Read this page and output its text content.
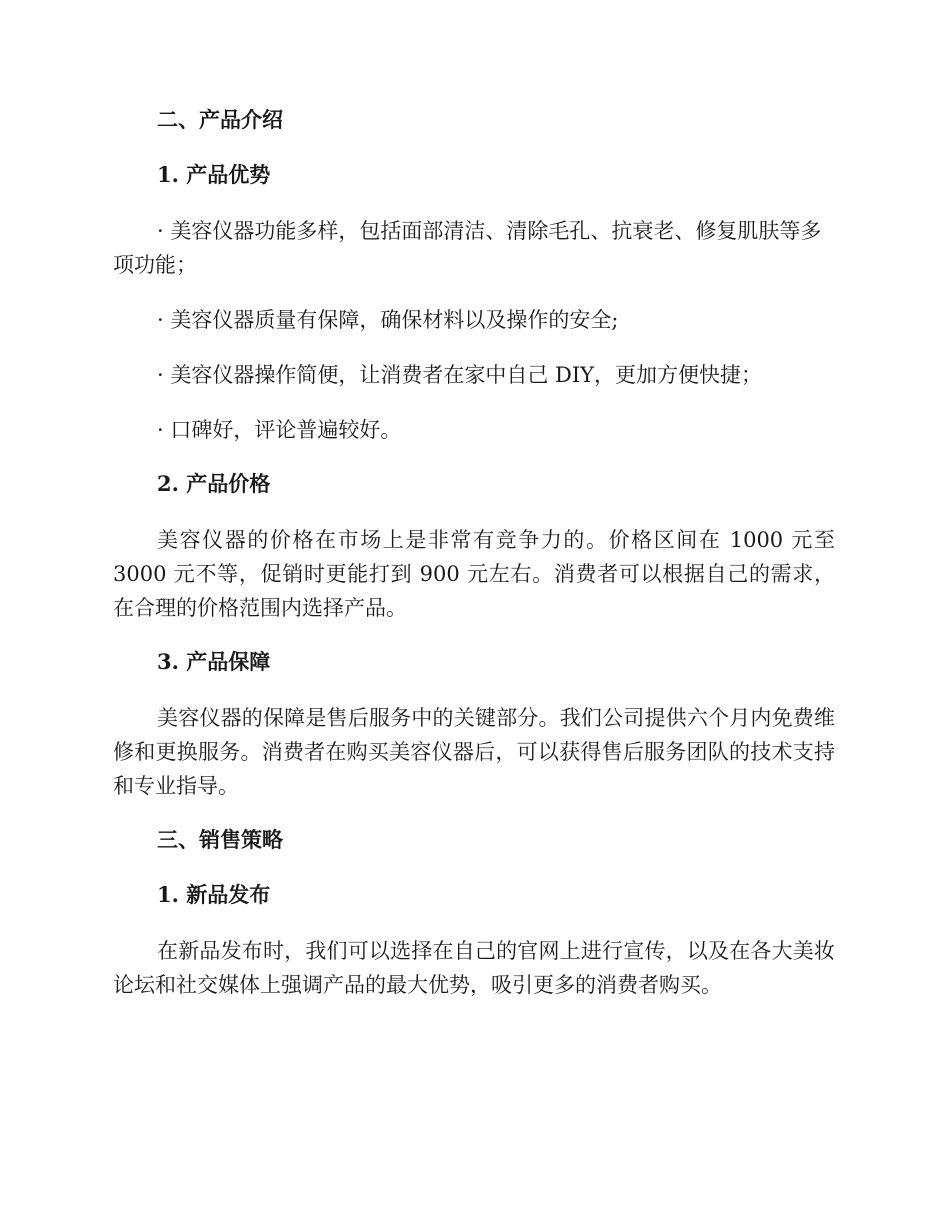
二、产品介绍
1. 产品优势
· 美容仪器功能多样，包括面部清洁、清除毛孔、抗衰老、修复肌肤等多项功能；
· 美容仪器质量有保障，确保材料以及操作的安全;
· 美容仪器操作简便，让消费者在家中自己 DIY，更加方便快捷；
· 口碑好，评论普遍较好。
2. 产品价格
美容仪器的价格在市场上是非常有竞争力的。价格区间在 1000 元至 3000 元不等，促销时更能打到 900 元左右。消费者可以根据自己的需求，在合理的价格范围内选择产品。
3. 产品保障
美容仪器的保障是售后服务中的关键部分。我们公司提供六个月内免费维修和更换服务。消费者在购买美容仪器后，可以获得售后服务团队的技术支持和专业指导。
三、销售策略
1. 新品发布
在新品发布时，我们可以选择在自己的官网上进行宣传，以及在各大美妆论坛和社交媒体上强调产品的最大优势，吸引更多的消费者购买。
